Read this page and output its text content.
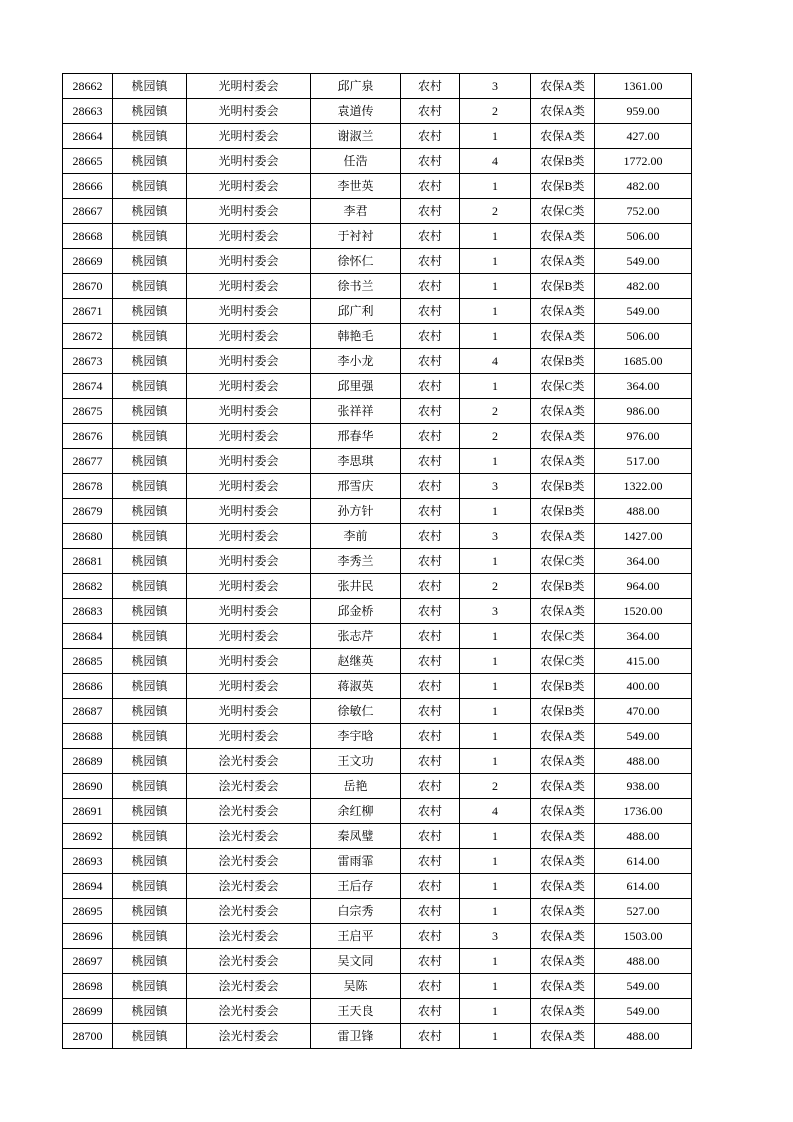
28662	桃园镇	光明村委会	邱广泉	农村	3	农保A类	1361.00
28663	桃园镇	光明村委会	袁道传	农村	2	农保A类	959.00
28664	桃园镇	光明村委会	谢淑兰	农村	1	农保A类	427.00
28665	桃园镇	光明村委会	任浩	农村	4	农保B类	1772.00
28666	桃园镇	光明村委会	李世英	农村	1	农保B类	482.00
28667	桃园镇	光明村委会	李君	农村	2	农保C类	752.00
28668	桃园镇	光明村委会	于衬衬	农村	1	农保A类	506.00
28669	桃园镇	光明村委会	徐怀仁	农村	1	农保A类	549.00
28670	桃园镇	光明村委会	徐书兰	农村	1	农保B类	482.00
28671	桃园镇	光明村委会	邱广利	农村	1	农保A类	549.00
28672	桃园镇	光明村委会	韩艳毛	农村	1	农保A类	506.00
28673	桃园镇	光明村委会	李小龙	农村	4	农保B类	1685.00
28674	桃园镇	光明村委会	邱里强	农村	1	农保C类	364.00
28675	桃园镇	光明村委会	张祥祥	农村	2	农保A类	986.00
28676	桃园镇	光明村委会	邢春华	农村	2	农保A类	976.00
28677	桃园镇	光明村委会	李思琪	农村	1	农保A类	517.00
28678	桃园镇	光明村委会	邢雪庆	农村	3	农保B类	1322.00
28679	桃园镇	光明村委会	孙方针	农村	1	农保B类	488.00
28680	桃园镇	光明村委会	李前	农村	3	农保A类	1427.00
28681	桃园镇	光明村委会	李秀兰	农村	1	农保C类	364.00
28682	桃园镇	光明村委会	张井民	农村	2	农保B类	964.00
28683	桃园镇	光明村委会	邱金桥	农村	3	农保A类	1520.00
28684	桃园镇	光明村委会	张志芹	农村	1	农保C类	364.00
28685	桃园镇	光明村委会	赵继英	农村	1	农保C类	415.00
28686	桃园镇	光明村委会	蒋淑英	农村	1	农保B类	400.00
28687	桃园镇	光明村委会	徐敏仁	农村	1	农保B类	470.00
28688	桃园镇	光明村委会	李宇晗	农村	1	农保A类	549.00
28689	桃园镇	浍光村委会	王文功	农村	1	农保A类	488.00
28690	桃园镇	浍光村委会	岳艳	农村	2	农保A类	938.00
28691	桃园镇	浍光村委会	余红柳	农村	4	农保A类	1736.00
28692	桃园镇	浍光村委会	秦凤璧	农村	1	农保A类	488.00
28693	桃园镇	浍光村委会	雷雨霏	农村	1	农保A类	614.00
28694	桃园镇	浍光村委会	王后存	农村	1	农保A类	614.00
28695	桃园镇	浍光村委会	白宗秀	农村	1	农保A类	527.00
28696	桃园镇	浍光村委会	王启平	农村	3	农保A类	1503.00
28697	桃园镇	浍光村委会	吴文同	农村	1	农保A类	488.00
28698	桃园镇	浍光村委会	吴陈	农村	1	农保A类	549.00
28699	桃园镇	浍光村委会	王天良	农村	1	农保A类	549.00
28700	桃园镇	浍光村委会	雷卫锋	农村	1	农保A类	488.00
